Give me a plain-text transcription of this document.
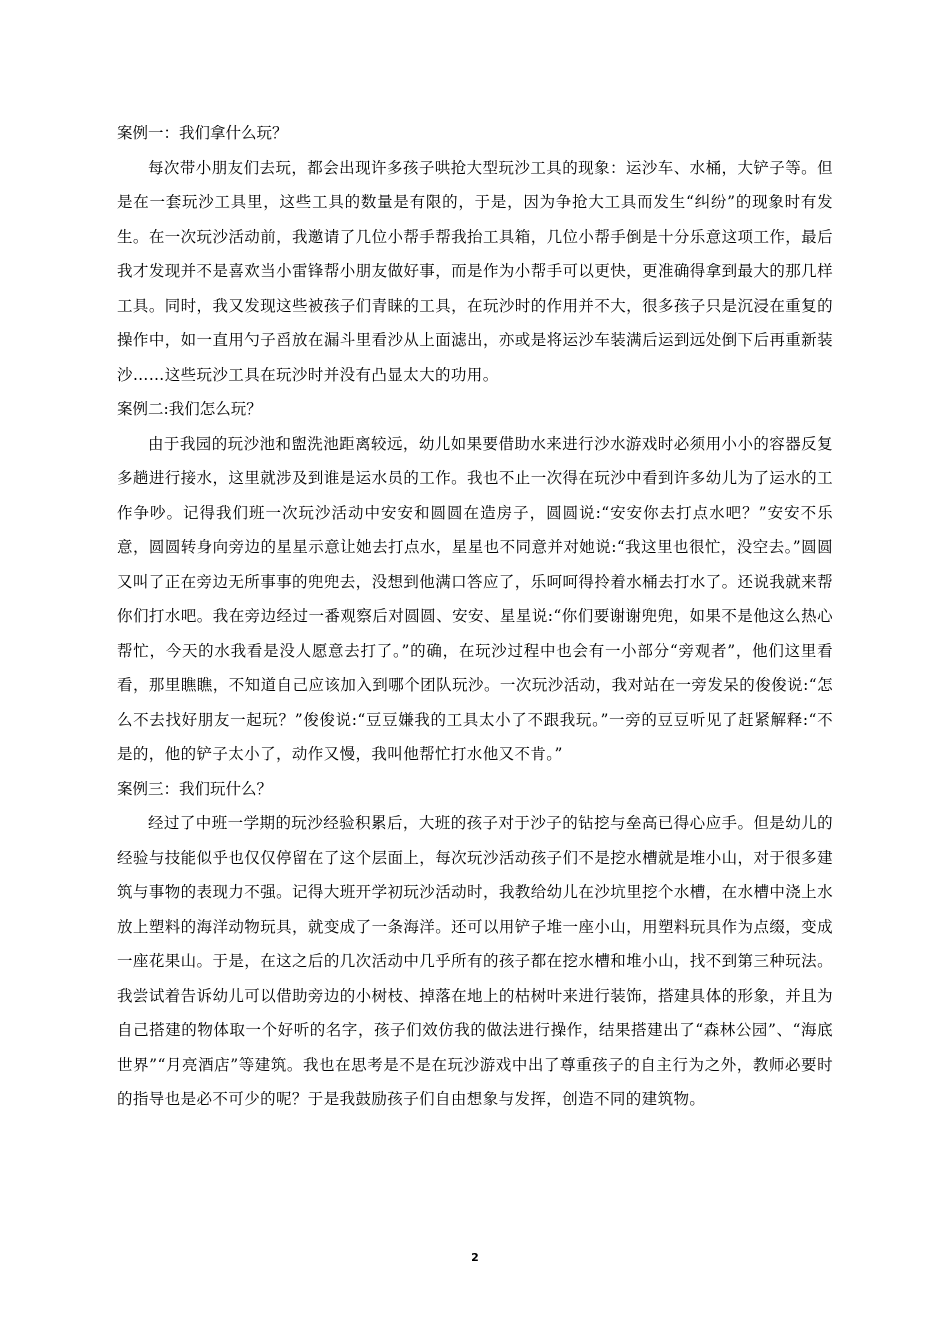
案例一：我们拿什么玩？

每次带小朋友们去玩，都会出现许多孩子哄抢大型玩沙工具的现象：运沙车、水桶，大铲子等。但是在一套玩沙工具里，这些工具的数量是有限的，于是，因为争抢大工具而发生“纠纷”的现象时有发生。在一次玩沙活动前，我邀请了几位小帮手帮我抬工具箱，几位小帮手倒是十分乐意这项工作，最后我才发现并不是喜欢当小雷锋帮小朋友做好事，而是作为小帮手可以更快，更准确得拿到最大的那几样工具。同时，我又发现这些被孩子们青睐的工具，在玩沙时的作用并不大，很多孩子只是沉浸在重复的操作中，如一直用勺子舀放在漏斗里看沙从上面滤出，亦或是将运沙车装满后运到远处倒下后再重新装沙……这些玩沙工具在玩沙时并没有凸显太大的功用。

案例二:我们怎么玩？

由于我园的玩沙池和盥洗池距离较远，幼儿如果要借助水来进行沙水游戏时必须用小小的容器反复多趟进行接水，这里就涉及到谁是运水员的工作。我也不止一次得在玩沙中看到许多幼儿为了运水的工作争吵。记得我们班一次玩沙活动中安安和圆圆在造房子，圆圆说:“安安你去打点水吧？”安安不乐意，圆圆转身向旁边的星星示意让她去打点水，星星也不同意并对她说:“我这里也很忙，没空去。”圆圆又叫了正在旁边无所事事的兜兜去，没想到他满口答应了，乐呵呵得拎着水桶去打水了。还说我就来帮你们打水吧。我在旁边经过一番观察后对圆圆、安安、星星说:“你们要谢谢兜兜，如果不是他这么热心帮忙，今天的水我看是没人愿意去打了。”的确，在玩沙过程中也会有一小部分“旁观者”，他们这里看看，那里瞧瞧，不知道自己应该加入到哪个团队玩沙。一次玩沙活动，我对站在一旁发呆的俊俊说:“怎么不去找好朋友一起玩？”俊俊说:“豆豆嫌我的工具太小了不跟我玩。”一旁的豆豆听见了赶紧解释:“不是的，他的铲子太小了，动作又慢，我叫他帮忙打水他又不肯。”

案例三：我们玩什么？

经过了中班一学期的玩沙经验积累后，大班的孩子对于沙子的钻挖与垒高已得心应手。但是幼儿的经验与技能似乎也仅仅停留在了这个层面上，每次玩沙活动孩子们不是挖水槽就是堆小山，对于很多建筑与事物的表现力不强。记得大班开学初玩沙活动时，我教给幼儿在沙坑里挖个水槽，在水槽中浇上水放上塑料的海洋动物玩具，就变成了一条海洋。还可以用铲子堆一座小山，用塑料玩具作为点缀，变成一座花果山。于是，在这之后的几次活动中几乎所有的孩子都在挖水槽和堆小山，找不到第三种玩法。我尝试着告诉幼儿可以借助旁边的小树枝、掉落在地上的枯树叶来进行装饰，搭建具体的形象，并且为自己搭建的物体取一个好听的名字，孩子们效仿我的做法进行操作，结果搭建出了“森林公园”、“海底世界”“月亮酒店”等建筑。我也在思考是不是在玩沙游戏中出了尊重孩子的自主行为之外，教师必要时的指导也是必不可少的呢？于是我鼓励孩子们自由想象与发挥，创造不同的建筑物。

2
